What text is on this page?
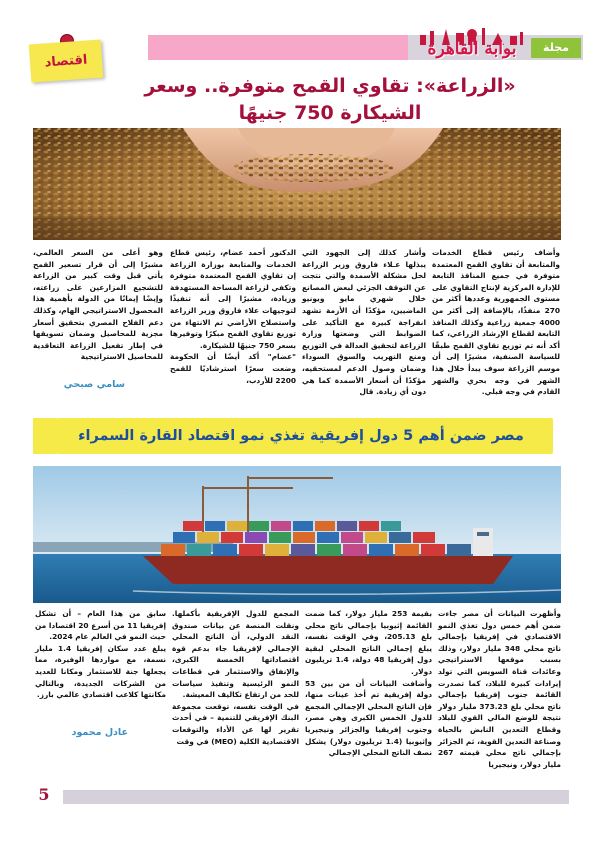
مجلة
بوابة القاهرة
اقتصاد
«الزراعة»: تقاوي القمح متوفرة.. وسعر
الشيكارة 750 جنيهًا
وأضاف رئيس قطاع الخدمات والمتابعة أن تقاوي القمح المعتمدة متوفرة في جميع المنافذ التابعة للإدارة المركزية لإنتاج التقاوي على مستوى الجمهورية وعددها أكثر من 270 منفذًا، بالإضافة إلى أكثر من 4000 جمعية زراعية وكذلك المنافذ التابعة لقطاع الإرشاد الزراعي، كما أكد أنه تم توزيع تقاوي القمح طبقًا للسياسة الصنفية، مشيرًا إلى أن موسم الزراعة سوف يبدأ خلال هذا الشهر في وجه بحري والشهر القادم في وجه قبلي.
وأشار كذلك إلى الجهود التي يبذلها عـلاء فاروق وزير الزراعة لحل مشكلة الأسمدة والتي نتجت عن التوقف الجزئي لبعض المصانع خلال شهري مايو ويونيو الماضيين، مؤكدًا أن الأزمة تشهد انفراجة كبيرة مع التأكيد على الضوابط التي وضعتها وزارة الزراعة لتحقيق العدالة في التوزيع ومنع التهريب والسوق السوداء وضمان وصول الدعم لمستحقيه، مؤكدًا أن أسعار الأسمدة كما هي دون أي زيادة. قال
الدكتور أحمد عضام، رئيس قطاع الخدمات والمتابعة بوزارة الزراعة إن تقاوي القمح المعتمدة متوفرة وتكفي لزراعة المساحة المستهدفة وزيادة، مشيرًا إلى أنه تنفيذًا لتوجيهات علاء فاروق وزير الزراعة واستصلاح الأراضي تم الانتهاء من توزيع تقاوي القمح مبكرًا وتوفيرها بسعر 750 جنيهًا للشيكارة.
"عضام" أكد أيضًا أن الحكومة وضعت سعرًا استرشاديًا للقمح 2200 للأردب،
وهو أعلى من السعر العالمي، مشيرًا إلى أن قرار تسعير القمح يأتي قبل وقت كبير من الزراعة للتشجيع المزارعين على زراعته، وإيضًا إيمانًا من الدولة بأهمية هذا المحصول الاستراتيجي الهام، وكذلك دعم الفلاح المصري بتحقيق أسعار مجزية للمحاصيل وضمان تسويقها في إطار تفعيل الزراعة التعاقدية للمحاصيل الاستراتيجية
سامي صبحي
مصر ضمن أهم 5 دول إفريقية تغذي نمو اقتصاد القارة السمراء
وأظهرت البيانات أن مصر جاءت ضمن أهم خمس دول تغذي النمو الاقتصادي في إفريقيا بإجمالي ناتج محلي 348 مليار دولار، وذلك بسبب موقعها الاستراتيجي وعائدات قناة السويس التي تولد إيرادات كبيرة للبلاد، كما تصدرت القائمة جنوب إفريقيا بإجمالي ناتج محلي بلغ 373.23 مليار دولار نتيجة للوضع المالي القوي للبلاد وقطاع التعدين النابض بالحياة وصناعة التعدين القوية، ثم الجزائر بإجمالي ناتج محلي قيمته 267 مليار دولار، ونيجيريا
بقيمة 253 مليار دولار، كما ضمت القائمة إثيوبيا بإجمالي ناتج محلي بلغ 205.13، وفي الوقت نفسه، يبلغ إجمالي الناتج المحلي لبقية دول إفريقيا 48 دولة، 1.4 تريليون دولار.
وأضافت البيانات أن من بين 53 دولة إفريقية تم أخذ عينات منها، فإن الناتج المحلي الإجمالي المجمع للدول الخمس الكبرى وهي مصر، وجنوب إفريقيا والجزائر ونيجيريا وإثيوبيا (1.4 تريليون دولار) يشكل نصف الناتج المحلي الإجمالي
المجمع للدول الإفريقية بأكملها. ونقلت المنصة عن بيانات صندوق النقد الدولي، أن الناتج المحلي الإجمالي لإفريقيا جاء بدعم قوة اقتصاداتها الخمسة الكبرى، والإنفاق والاستثمار في قطاعات النمو الرئيسية وتنفيذ سياسات للحد من ارتفاع تكاليف المعيشة.
في الوقت نفسه، توقعت مجموعة البنك الإفريقي للتنمية – في أحدث تقرير لها عن الأداء والتوقعات الاقتصادية الكلية (MEO) في وقت
سابق من هذا العام – أن تشكل إفريقيا 11 من أسرع 20 اقتصادا من حيث النمو في العالم عام 2024.
يبلغ عدد سكان إفريقيا 1.4 مليار نسمة، مع مواردها الوفيرة، مما يجعلها جنة للاستثمار ومكانا للعديد من الشركات الجديدة، وبالتالي مكانتها كلاعب اقتصادي عالمي بارز.
عادل محمود
5
